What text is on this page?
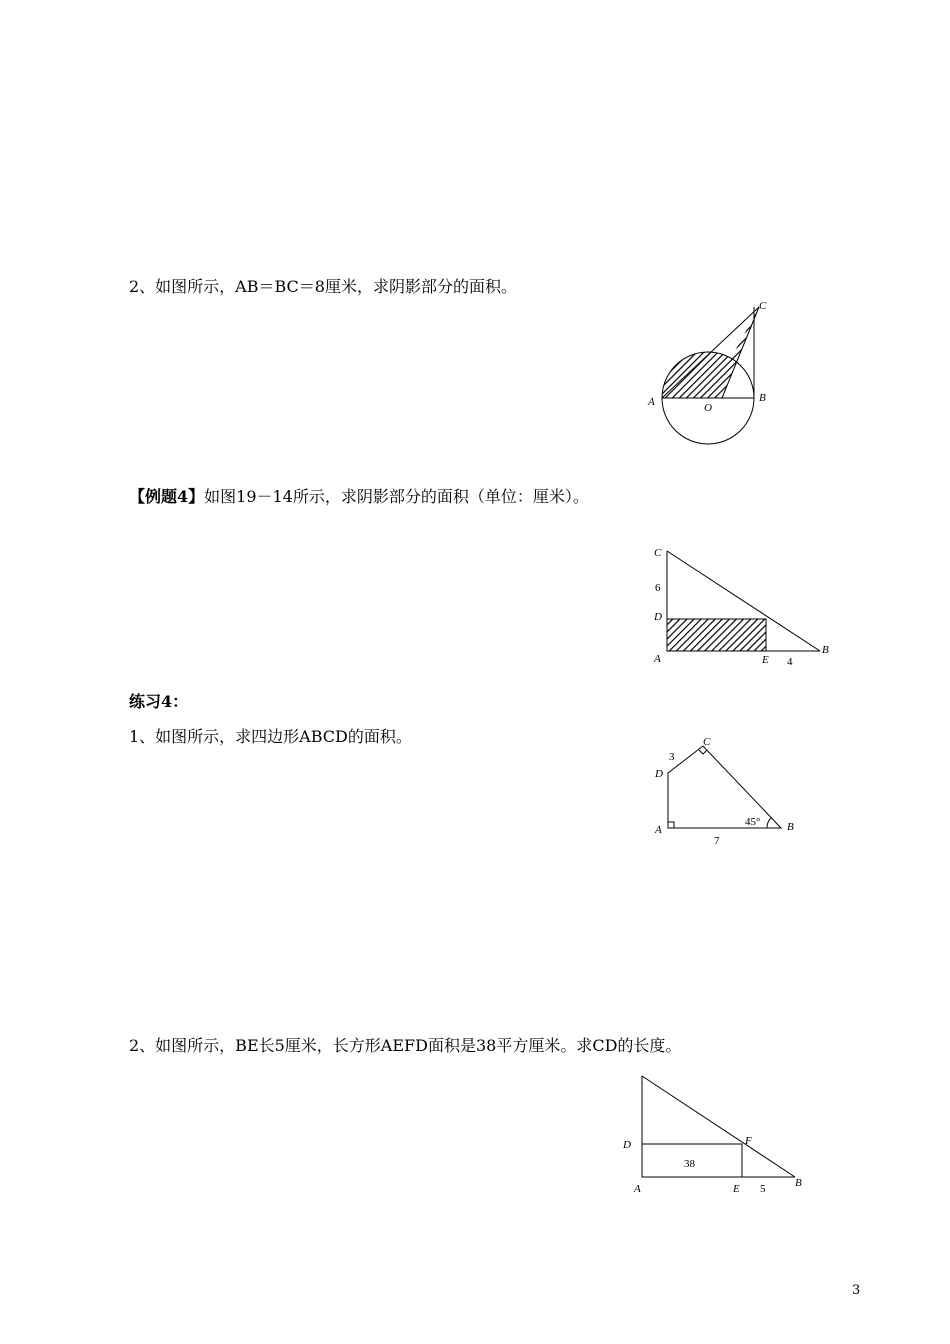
2、如图所示，AB＝BC＝8厘米，求阴影部分的面积。
A	O
B
C
【例题4】如图19－14所示，求阴影部分的面积（单位：厘米）。
C
6
D
A	E 4
B
练习4：
1、如图所示，求四边形ABCD的面积。
3
C
D
A
45° B
7
2、如图所示，BE长5厘米，长方形AEFD面积是38平方厘米。求CD的长度。
38
D	F
A	E 5	B
3
